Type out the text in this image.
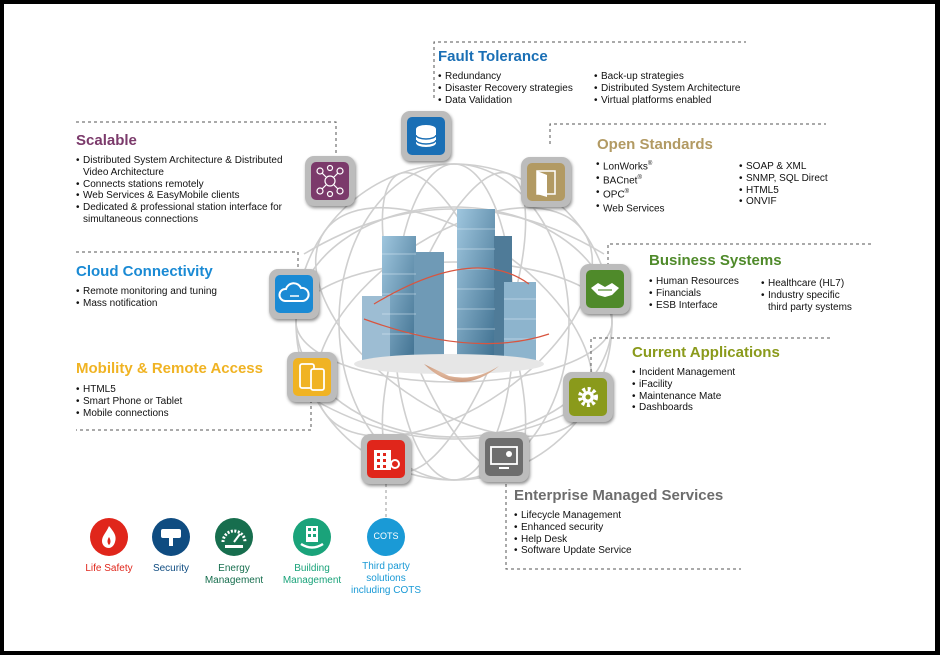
Fault Tolerance
• Redundancy
• Disaster Recovery strategies
• Data Validation
• Back-up strategies
• Distributed System Architecture
• Virtual platforms enabled
Scalable
• Distributed System Architecture & Distributed Video Architecture
• Connects stations remotely
• Web Services & EasyMobile clients
• Dedicated & professional station interface for simultaneous connections
Open Standards
• LonWorks®
• BACnet®
• OPC®
• Web Services
• SOAP & XML
• SNMP, SQL Direct
• HTML5
• ONVIF
Cloud Connectivity
• Remote monitoring and tuning
• Mass notification
Business Systems
• Human Resources
• Financials
• ESB Interface
• Healthcare (HL7)
• Industry specific third party systems
Mobility & Remote Access
• HTML5
• Smart Phone or Tablet
• Mobile connections
Current Applications
• Incident Management
• iFacility
• Maintenance Mate
• Dashboards
Enterprise Managed Services
• Lifecycle Management
• Enhanced security
• Help Desk
• Software Update Service
Life Safety	Security	Energy Management
Building Management
COTS
Third party solutions including COTS
